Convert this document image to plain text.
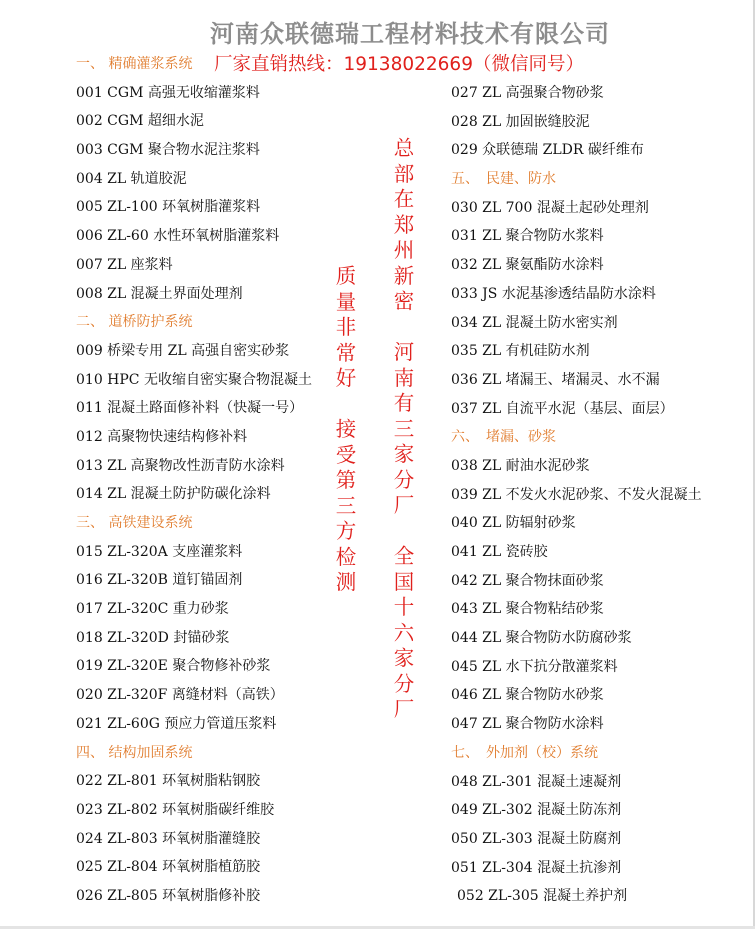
河南众联德瑞工程材料技术有限公司
厂家直销热线：19138022669（微信同号）
一、 精确灌浆系统
001 CGM 高强无收缩灌浆料
002 CGM 超细水泥
003 CGM 聚合物水泥注浆料
004 ZL 轨道胶泥
005 ZL-100 环氧树脂灌浆料
006 ZL-60 水性环氧树脂灌浆料
007 ZL 座浆料
008 ZL 混凝土界面处理剂
二、 道桥防护系统
009 桥梁专用 ZL 高强自密实砂浆
010 HPC 无收缩自密实聚合物混凝土
011 混凝土路面修补料（快凝一号）
012 高聚物快速结构修补料
013 ZL 高聚物改性沥青防水涂料
014 ZL 混凝土防护防碳化涂料
三、 高铁建设系统
015 ZL-320A 支座灌浆料
016 ZL-320B 道钉锚固剂
017 ZL-320C 重力砂浆
018 ZL-320D 封锚砂浆
019 ZL-320E 聚合物修补砂浆
020 ZL-320F 离缝材料（高铁）
021 ZL-60G 预应力管道压浆料
四、 结构加固系统
022 ZL-801 环氧树脂粘钢胶
023 ZL-802 环氧树脂碳纤维胶
024 ZL-803 环氧树脂灌缝胶
025 ZL-804 环氧树脂植筋胶
026 ZL-805 环氧树脂修补胶
027 ZL 高强聚合物砂浆
028 ZL 加固嵌缝胶泥
029 众联德瑞 ZLDR 碳纤维布
五、　民建、防水
030 ZL 700 混凝土起砂处理剂
031 ZL 聚合物防水浆料
032 ZL 聚氨酯防水涂料
033 JS 水泥基渗透结晶防水涂料
034 ZL 混凝土防水密实剂
035 ZL 有机硅防水剂
036 ZL 堵漏王、堵漏灵、水不漏
037 ZL 自流平水泥（基层、面层）
六、　堵漏、砂浆
038 ZL 耐油水泥砂浆
039 ZL 不发火水泥砂浆、不发火混凝土
040 ZL 防辐射砂浆
041 ZL 瓷砖胶
042 ZL 聚合物抹面砂浆
043 ZL 聚合物粘结砂浆
044 ZL 聚合物防水防腐砂浆
045 ZL 水下抗分散灌浆料
046 ZL 聚合物防水砂浆
047 ZL 聚合物防水涂料
七、　外加剂（校）系统
048 ZL-301 混凝土速凝剂
049 ZL-302 混凝土防冻剂
050 ZL-303 混凝土防腐剂
051 ZL-304 混凝土抗渗剂
052 ZL-305 混凝土养护剂
质量非常好
接受第三方检测
总部在郑州新密
河南有三家分厂
全国十六家分厂
